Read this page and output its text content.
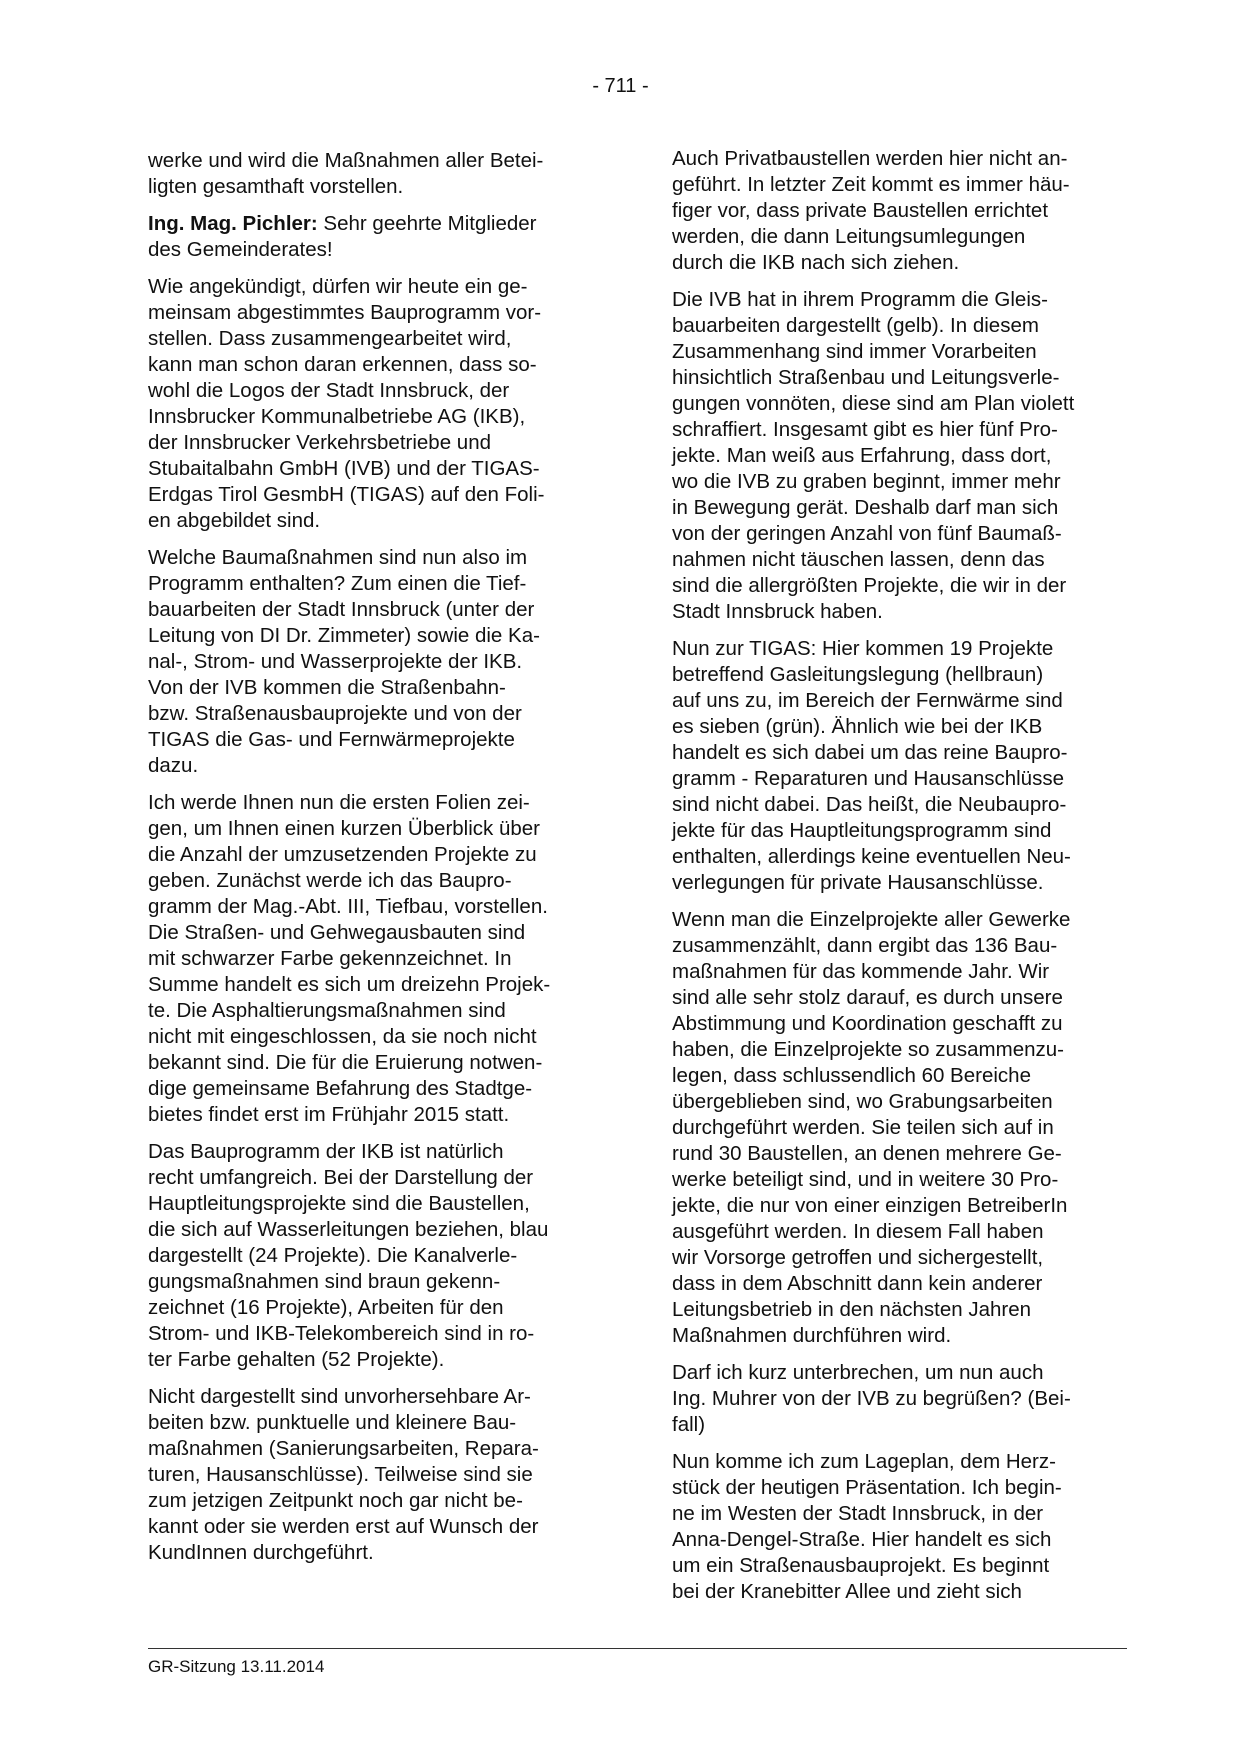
- 711 -

werke und wird die Maßnahmen aller Betei-
ligten gesamthaft vorstellen.

Ing. Mag. Pichler: Sehr geehrte Mitglieder
des Gemeinderates!

Wie angekündigt, dürfen wir heute ein ge-
meinsam abgestimmtes Bauprogramm vor-
stellen. Dass zusammengearbeitet wird,
kann man schon daran erkennen, dass so-
wohl die Logos der Stadt Innsbruck, der
Innsbrucker Kommunalbetriebe AG (IKB),
der Innsbrucker Verkehrsbetriebe und
Stubaitalbahn GmbH (IVB) und der TIGAS-
Erdgas Tirol GesmbH (TIGAS) auf den Foli-
en abgebildet sind.

Welche Baumaßnahmen sind nun also im
Programm enthalten? Zum einen die Tief-
bauarbeiten der Stadt Innsbruck (unter der
Leitung von DI Dr. Zimmeter) sowie die Ka-
nal-, Strom- und Wasserprojekte der IKB.
Von der IVB kommen die Straßenbahn-
bzw. Straßenausbauprojekte und von der
TIGAS die Gas- und Fernwärmeprojekte
dazu.

Ich werde Ihnen nun die ersten Folien zei-
gen, um Ihnen einen kurzen Überblick über
die Anzahl der umzusetzenden Projekte zu
geben. Zunächst werde ich das Baupro-
gramm der Mag.-Abt. III, Tiefbau, vorstellen.
Die Straßen- und Gehwegausbauten sind
mit schwarzer Farbe gekennzeichnet. In
Summe handelt es sich um dreizehn Projek-
te. Die Asphaltierungsmaßnahmen sind
nicht mit eingeschlossen, da sie noch nicht
bekannt sind. Die für die Eruierung notwen-
dige gemeinsame Befahrung des Stadtge-
bietes findet erst im Frühjahr 2015 statt.

Das Bauprogramm der IKB ist natürlich
recht umfangreich. Bei der Darstellung der
Hauptleitungsprojekte sind die Baustellen,
die sich auf Wasserleitungen beziehen, blau
dargestellt (24 Projekte). Die Kanalverle-
gungsmaßnahmen sind braun gekenn-
zeichnet (16 Projekte), Arbeiten für den
Strom- und IKB-Telekombereich sind in ro-
ter Farbe gehalten (52 Projekte).

Nicht dargestellt sind unvorhersehbare Ar-
beiten bzw. punktuelle und kleinere Bau-
maßnahmen (Sanierungsarbeiten, Repara-
turen, Hausanschlüsse). Teilweise sind sie
zum jetzigen Zeitpunkt noch gar nicht be-
kannt oder sie werden erst auf Wunsch der
KundInnen durchgeführt.

Auch Privatbaustellen werden hier nicht an-
geführt. In letzter Zeit kommt es immer häu-
figer vor, dass private Baustellen errichtet
werden, die dann Leitungsumlegungen
durch die IKB nach sich ziehen.

Die IVB hat in ihrem Programm die Gleis-
bauarbeiten dargestellt (gelb). In diesem
Zusammenhang sind immer Vorarbeiten
hinsichtlich Straßenbau und Leitungsverle-
gungen vonnöten, diese sind am Plan violett
schraffiert. Insgesamt gibt es hier fünf Pro-
jekte. Man weiß aus Erfahrung, dass dort,
wo die IVB zu graben beginnt, immer mehr
in Bewegung gerät. Deshalb darf man sich
von der geringen Anzahl von fünf Baumaß-
nahmen nicht täuschen lassen, denn das
sind die allergrößten Projekte, die wir in der
Stadt Innsbruck haben.

Nun zur TIGAS: Hier kommen 19 Projekte
betreffend Gasleitungslegung (hellbraun)
auf uns zu, im Bereich der Fernwärme sind
es sieben (grün). Ähnlich wie bei der IKB
handelt es sich dabei um das reine Baupro-
gramm - Reparaturen und Hausanschlüsse
sind nicht dabei. Das heißt, die Neubaupro-
jekte für das Hauptleitungsprogramm sind
enthalten, allerdings keine eventuellen Neu-
verlegungen für private Hausanschlüsse.

Wenn man die Einzelprojekte aller Gewerke
zusammenzählt, dann ergibt das 136 Bau-
maßnahmen für das kommende Jahr. Wir
sind alle sehr stolz darauf, es durch unsere
Abstimmung und Koordination geschafft zu
haben, die Einzelprojekte so zusammenzu-
legen, dass schlussendlich 60 Bereiche
übergeblieben sind, wo Grabungsarbeiten
durchgeführt werden. Sie teilen sich auf in
rund 30 Baustellen, an denen mehrere Ge-
werke beteiligt sind, und in weitere 30 Pro-
jekte, die nur von einer einzigen BetreiberIn
ausgeführt werden. In diesem Fall haben
wir Vorsorge getroffen und sichergestellt,
dass in dem Abschnitt dann kein anderer
Leitungsbetrieb in den nächsten Jahren
Maßnahmen durchführen wird.

Darf ich kurz unterbrechen, um nun auch
Ing. Muhrer von der IVB zu begrüßen? (Bei-
fall)

Nun komme ich zum Lageplan, dem Herz-
stück der heutigen Präsentation. Ich begin-
ne im Westen der Stadt Innsbruck, in der
Anna-Dengel-Straße. Hier handelt es sich
um ein Straßenausbauprojekt. Es beginnt
bei der Kranebitter Allee und zieht sich

GR-Sitzung 13.11.2014
